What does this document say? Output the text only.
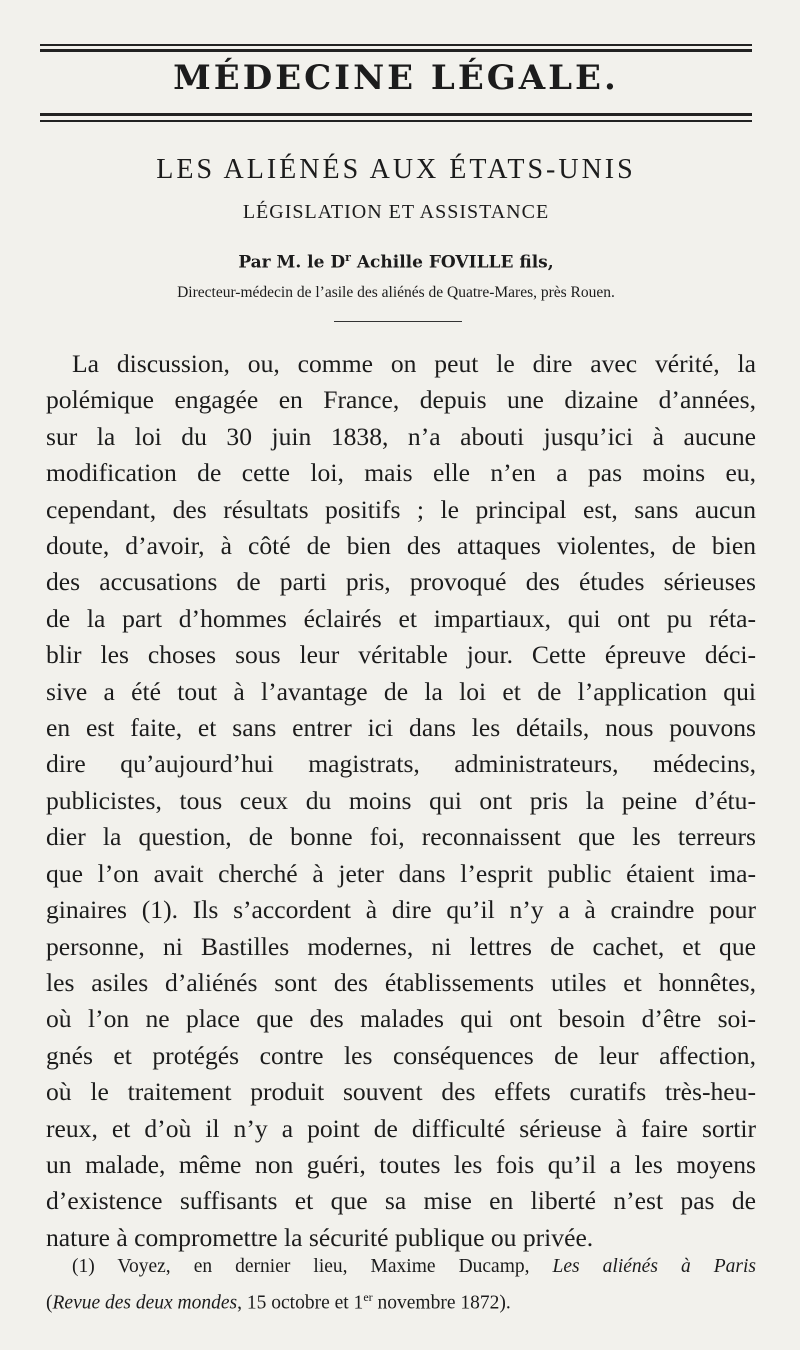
MÉDECINE LÉGALE.
LES ALIÉNÉS AUX ÉTATS-UNIS
LÉGISLATION ET ASSISTANCE
Par M. le $D^r$ Achille FOVILLE fils,
Directeur-médecin de l’asile des aliénés de Quatre-Mares, près Rouen.
La discussion, ou, comme on peut le dire avec vérité, la
polémique engagée en France, depuis une dizaine d’années,
sur la loi du 30 juin 1838, n’a abouti jusqu’ici à aucune
modification de cette loi, mais elle n’en a pas moins eu,
cependant, des résultats positifs ; le principal est, sans aucun
doute, d’avoir, à côté de bien des attaques violentes, de bien
des accusations de parti pris, provoqué des études sérieuses
de la part d’hommes éclairés et impartiaux, qui ont pu réta-
blir les choses sous leur véritable jour. Cette épreuve déci-
sive a été tout à l’avantage de la loi et de l’application qui
en est faite, et sans entrer ici dans les détails, nous pouvons
dire qu’aujourd’hui magistrats, administrateurs, médecins,
publicistes, tous ceux du moins qui ont pris la peine d’étu-
dier la question, de bonne foi, reconnaissent que les terreurs
que l’on avait cherché à jeter dans l’esprit public étaient ima-
ginaires (1). Ils s’accordent à dire qu’il n’y a à craindre pour
personne, ni Bastilles modernes, ni lettres de cachet, et que
les asiles d’aliénés sont des établissements utiles et honnêtes,
où l’on ne place que des malades qui ont besoin d’être soi-
gnés et protégés contre les conséquences de leur affection,
où le traitement produit souvent des effets curatifs très-heu-
reux, et d’où il n’y a point de difficulté sérieuse à faire sortir
un malade, même non guéri, toutes les fois qu’il a les moyens
d’existence suffisants et que sa mise en liberté n’est pas de
nature à compromettre la sécurité publique ou privée.
(1) Voyez, en dernier lieu, Maxime Ducamp, Les aliénés à Paris
(Revue des deux mondes, 15 octobre et 1er novembre 1872).
